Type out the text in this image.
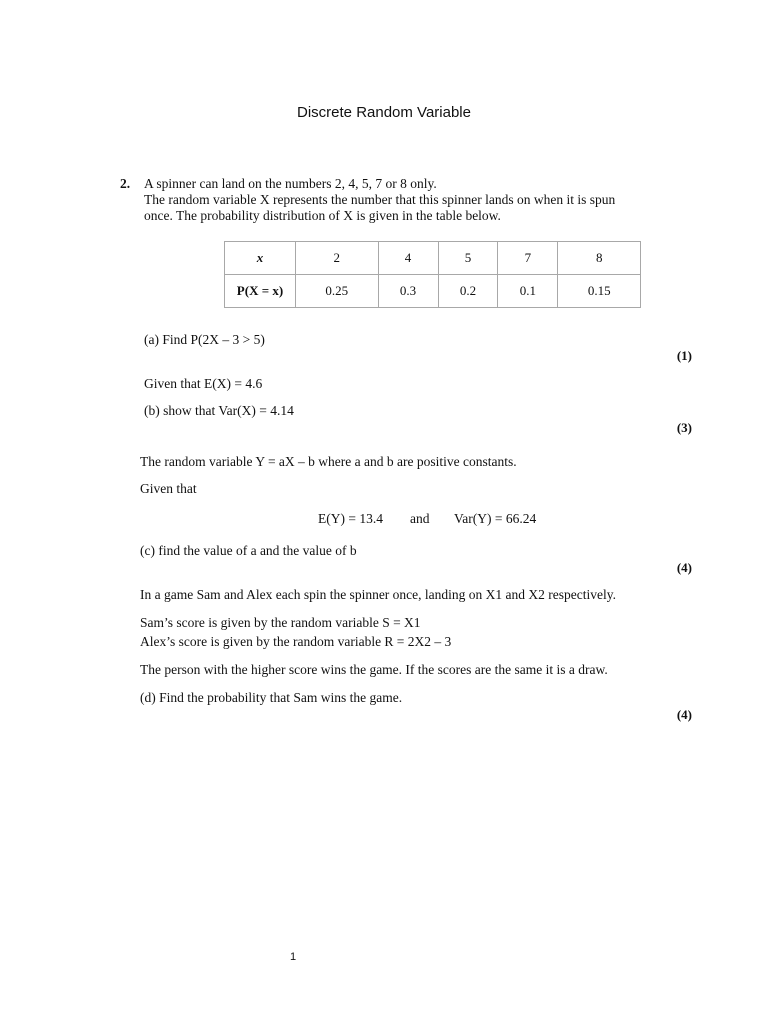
Discrete Random Variable
2. A spinner can land on the numbers 2, 4, 5, 7 or 8 only.
The random variable X represents the number that this spinner lands on when it is spun
once. The probability distribution of X is given in the table below.
x	2	4	5	7	8
P(X = x)	0.25	0.3	0.2	0.1	0.15
(a) Find P(2X – 3 > 5)
(1)
Given that E(X) = 4.6
(b) show that Var(X) = 4.14
(3)
The random variable Y = aX – b where a and b are positive constants.
Given that
E(Y) = 13.4 and Var(Y) = 66.24
(c) find the value of a and the value of b
(4)
In a game Sam and Alex each spin the spinner once, landing on X1 and X2 respectively.
Sam’s score is given by the random variable S = X1
Alex’s score is given by the random variable R = 2X2 – 3
The person with the higher score wins the game. If the scores are the same it is a draw.
(d) Find the probability that Sam wins the game.
(4)
1
